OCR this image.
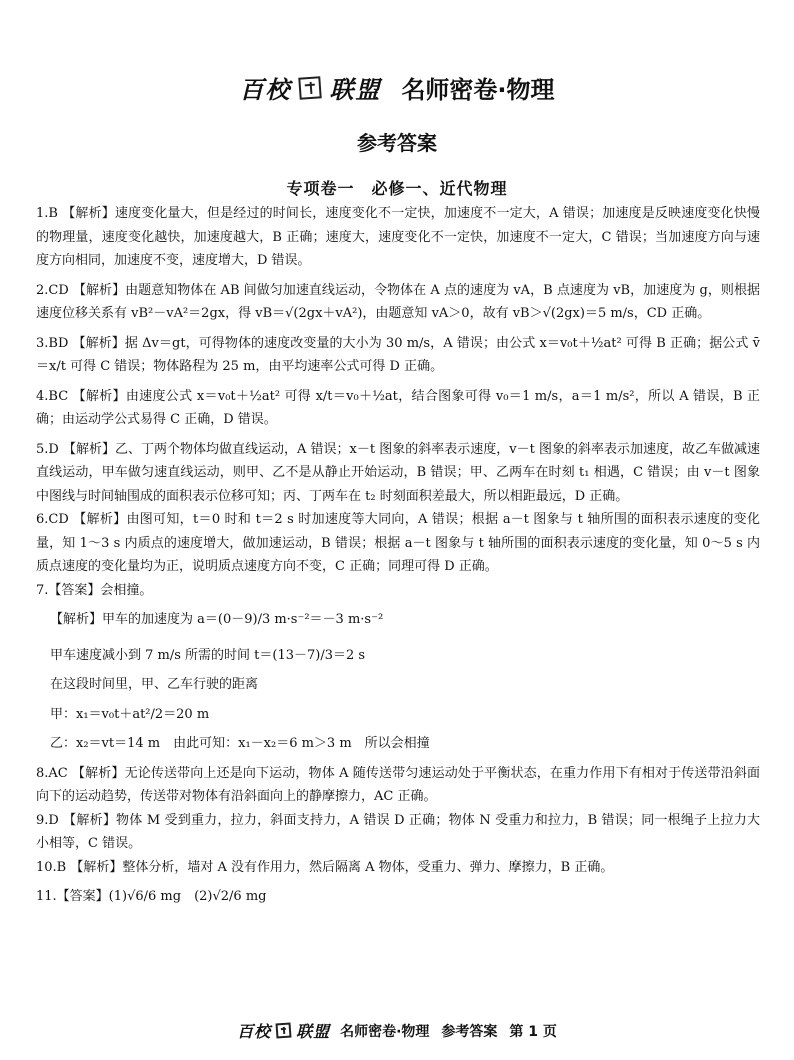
百校 联盟 名师密卷·物理
参考答案
专项卷一　必修一、近代物理

1.B 【解析】速度变化量大，但是经过的时间长，速度变化不一定快，加速度不一定大，A 错误；加速度是反映速度变化快慢的物理量，速度变化越快，加速度越大，B 正确；速度大，速度变化不一定快，加速度不一定大，C 错误；当加速度方向与速度方向相同，加速度不变，速度增大，D 错误。

2.CD 【解析】由题意知物体在 AB 间做匀加速直线运动，令物体在 A 点的速度为 vA，B 点速度为 vB，加速度为 g，则根据速度位移关系有 vB²－vA²＝2gx，得 vB＝√(2gx＋vA²)，由题意知 vA＞0，故有 vB＞√(2gx)＝5 m/s，CD 正确。

3.BD 【解析】据 Δv＝gt，可得物体的速度改变量的大小为 30 m/s，A 错误；由公式 x＝v₀t＋½at² 可得 B 正确；据公式 v̄＝x/t 可得 C 错误；物体路程为 25 m，由平均速率公式可得 D 正确。

4.BC 【解析】由速度公式 x＝v₀t＋½at² 可得 x/t＝v₀＋½at，结合图象可得 v₀＝1 m/s，a＝1 m/s²，所以 A 错误，B 正确；由运动学公式易得 C 正确，D 错误。

5.D 【解析】乙、丁两个物体均做直线运动，A 错误；x－t 图象的斜率表示速度，v－t 图象的斜率表示加速度，故乙车做减速直线运动，甲车做匀速直线运动，则甲、乙不是从静止开始运动，B 错误；甲、乙两车在时刻 t₁ 相遇，C 错误；由 v－t 图象中图线与时间轴围成的面积表示位移可知；丙、丁两车在 t₂ 时刻面积差最大，所以相距最远，D 正确。

6.CD 【解析】由图可知，t＝0 时和 t＝2 s 时加速度等大同向，A 错误；根据 a－t 图象与 t 轴所围的面积表示速度的变化量，知 1～3 s 内质点的速度增大，做加速运动，B 错误；根据 a－t 图象与 t 轴所围的面积表示速度的变化量，知 0～5 s 内质点速度的变化量均为正，说明质点速度方向不变，C 正确；同理可得 D 正确。

7.【答案】会相撞。

【解析】甲车的加速度为 a＝(0－9)/3 m·s⁻²＝－3 m·s⁻²

甲车速度减小到 7 m/s 所需的时间 t＝(13－7)/3＝2 s

在这段时间里，甲、乙车行驶的距离

甲：x₁＝v₀t＋at²/2＝20 m

乙：x₂＝vt＝14 m　由此可知：x₁－x₂＝6 m＞3 m　所以会相撞

8.AC 【解析】无论传送带向上还是向下运动，物体 A 随传送带匀速运动处于平衡状态，在重力作用下有相对于传送带沿斜面向下的运动趋势，传送带对物体有沿斜面向上的静摩擦力，AC 正确。

9.D 【解析】物体 M 受到重力，拉力，斜面支持力，A 错误 D 正确；物体 N 受重力和拉力，B 错误；同一根绳子上拉力大小相等，C 错误。

10.B 【解析】整体分析，墙对 A 没有作用力，然后隔离 A 物体，受重力、弹力、摩擦力，B 正确。

11.【答案】(1)√6/6 mg　(2)√2/6 mg

百校 联盟 名师密卷·物理 参考答案 第 1 页
